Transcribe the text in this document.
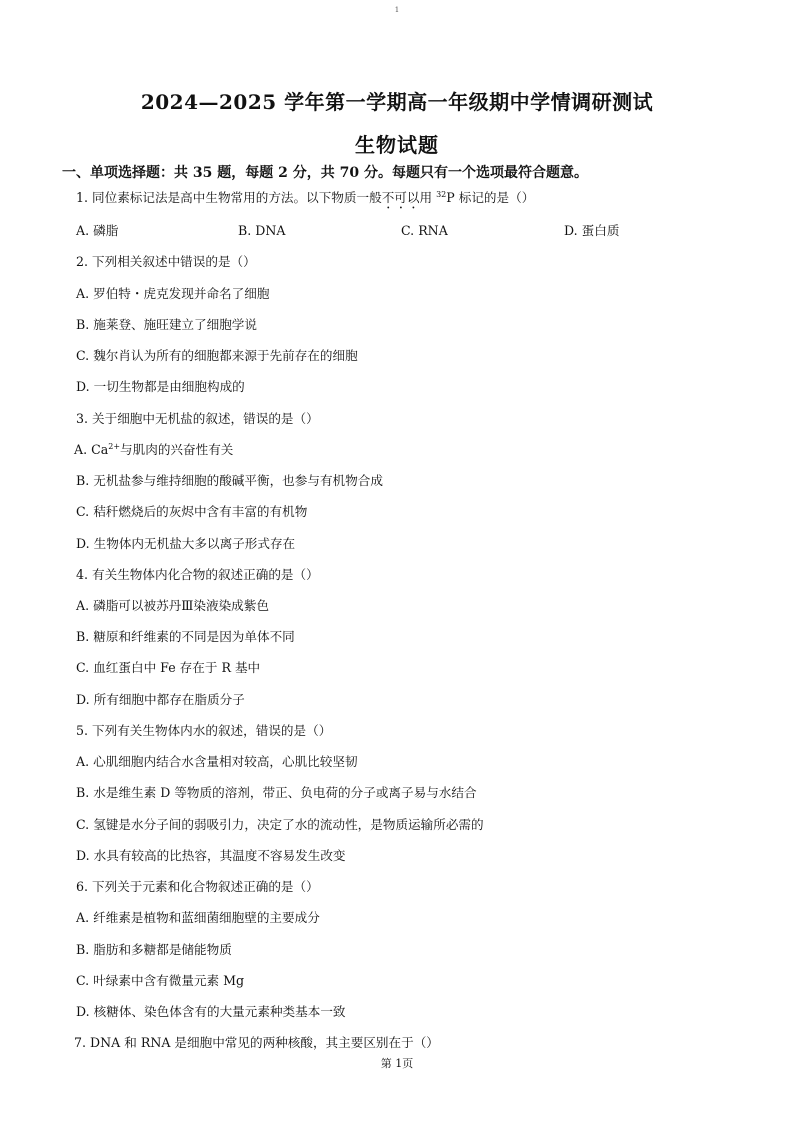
1
2024—2025 学年第一学期高一年级期中学情调研测试
生物试题
一、单项选择题：共 35 题，每题 2 分，共 70 分。每题只有一个选项最符合题意。
1. 同位素标记法是高中生物常用的方法。以下物质一般不可以用 $^{32}$P 标记的是（）
A. 磷脂	B. DNA	C. RNA	D. 蛋白质
2. 下列相关叙述中错误的是（）
A. 罗伯特・虎克发现并命名了细胞
B. 施莱登、施旺建立了细胞学说
C. 魏尔肖认为所有的细胞都来源于先前存在的细胞
D. 一切生物都是由细胞构成的
3. 关于细胞中无机盐的叙述，错误的是（）
A. $Ca^{2+}$与肌肉的兴奋性有关
B. 无机盐参与维持细胞的酸碱平衡，也参与有机物合成
C. 秸秆燃烧后的灰烬中含有丰富的有机物
D. 生物体内无机盐大多以离子形式存在
4. 有关生物体内化合物的叙述正确的是（）
A. 磷脂可以被苏丹Ⅲ染液染成紫色
B. 糖原和纤维素的不同是因为单体不同
C. 血红蛋白中 Fe 存在于 R 基中
D. 所有细胞中都存在脂质分子
5. 下列有关生物体内水的叙述，错误的是（）
A. 心肌细胞内结合水含量相对较高，心肌比较坚韧
B. 水是维生素 D 等物质的溶剂，带正、负电荷的分子或离子易与水结合
C. 氢键是水分子间的弱吸引力，决定了水的流动性，是物质运输所必需的
D. 水具有较高的比热容，其温度不容易发生改变
6. 下列关于元素和化合物叙述正确的是（）
A. 纤维素是植物和蓝细菌细胞壁的主要成分
B. 脂肪和多糖都是储能物质
C. 叶绿素中含有微量元素 Mg
D. 核糖体、染色体含有的大量元素种类基本一致
7. DNA 和 RNA 是细胞中常见的两种核酸，其主要区别在于（）
第 1页
